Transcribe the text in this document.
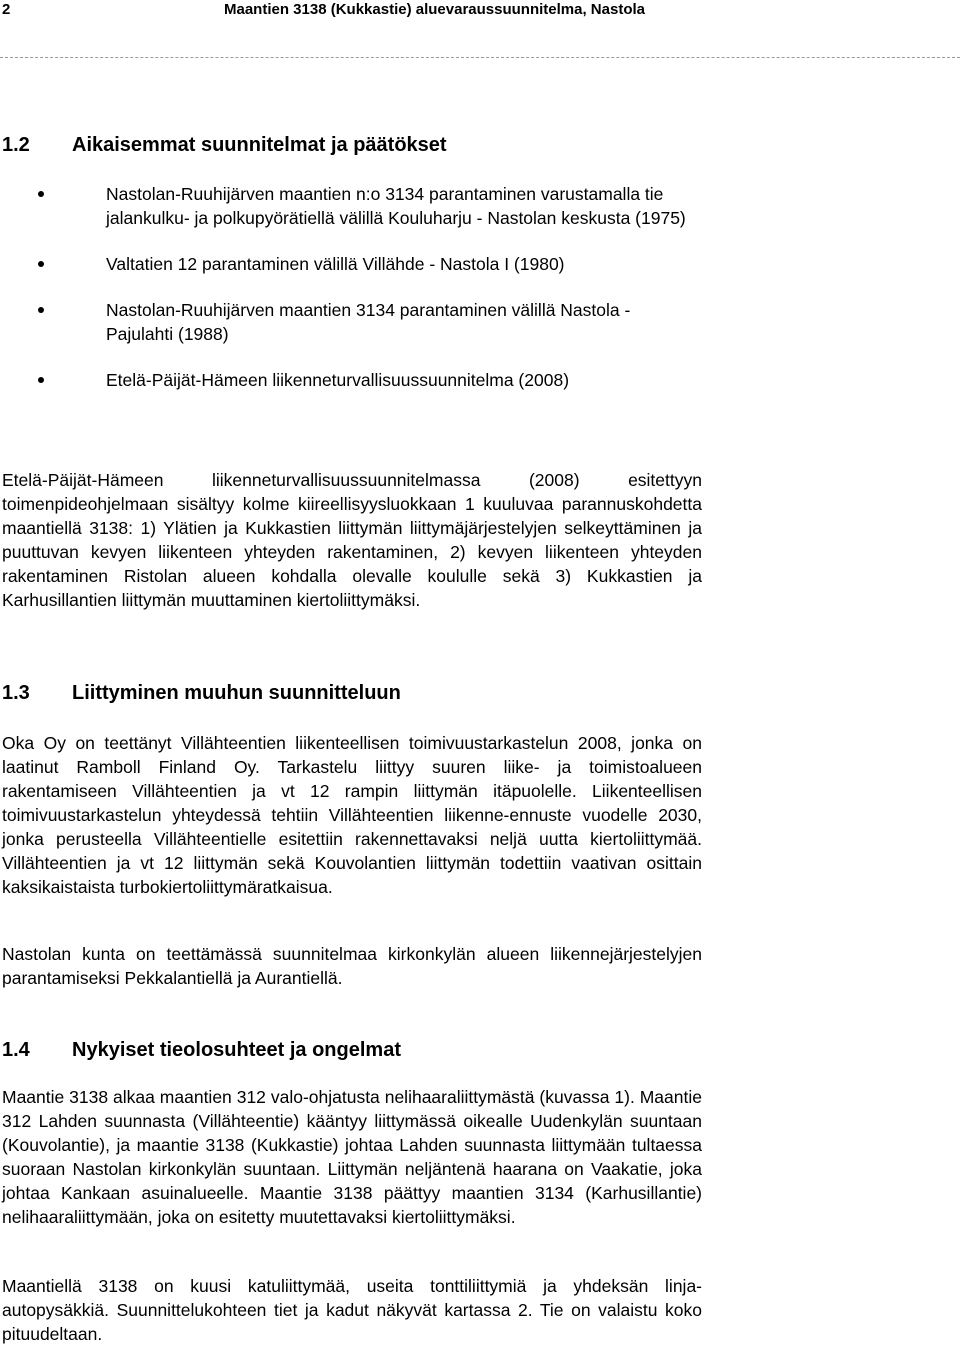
2	Maantien 3138 (Kukkastie) aluevaraussuunnitelma, Nastola
1.2 Aikaisemmat suunnitelmat ja päätökset
Nastolan-Ruuhijärven maantien n:o 3134 parantaminen varustamalla tie jalankulku- ja polkupyörätiellä välillä Kouluharju - Nastolan keskusta (1975)
Valtatien 12 parantaminen välillä Villähde - Nastola I (1980)
Nastolan-Ruuhijärven maantien 3134 parantaminen välillä Nastola - Pajulahti (1988)
Etelä-Päijät-Hämeen liikenneturvallisuussuunnitelma (2008)

Etelä-Päijät-Hämeen liikenneturvallisuussuunnitelmassa (2008) esitettyyn toimenpideohjelmaan sisältyy kolme kiireellisyysluokkaan 1 kuuluvaa parannuskohdetta maantiellä 3138: 1) Ylätien ja Kukkastien liittymän liittymäjärjestelyjen selkeyttäminen ja puuttuvan kevyen liikenteen yhteyden rakentaminen, 2) kevyen liikenteen yhteyden rakentaminen Ristolan alueen kohdalla olevalle koululle sekä 3) Kukkastien ja Karhusillantien liittymän muuttaminen kiertoliittymäksi.

1.3 Liittyminen muuhun suunnitteluun

Oka Oy on teettänyt Villähteentien liikenteellisen toimivuustarkastelun 2008, jonka on laatinut Ramboll Finland Oy. Tarkastelu liittyy suuren liike- ja toimistoalueen rakentamiseen Villähteentien ja vt 12 rampin liittymän itäpuolelle. Liikenteellisen toimivuustarkastelun yhteydessä tehtiin Villähteentien liikenne-ennuste vuodelle 2030, jonka perusteella Villähteentielle esitettiin rakennettavaksi neljä uutta kiertoliittymää. Villähteentien ja vt 12 liittymän sekä Kouvolantien liittymän todettiin vaativan osittain kaksikaistaista turbokiertoliittymäratkaisua.

Nastolan kunta on teettämässä suunnitelmaa kirkonkylän alueen liikennejärjestelyjen parantamiseksi Pekkalantiellä ja Aurantiellä.

1.4 Nykyiset tieolosuhteet ja ongelmat

Maantie 3138 alkaa maantien 312 valo-ohjatusta nelihaaraliittymästä (kuvassa 1). Maantie 312 Lahden suunnasta (Villähteentie) kääntyy liittymässä oikealle Uudenkylän suuntaan (Kouvolantie), ja maantie 3138 (Kukkastie) johtaa Lahden suunnasta liittymään tultaessa suoraan Nastolan kirkonkylän suuntaan. Liittymän neljäntenä haarana on Vaakatie, joka johtaa Kankaan asuinalueelle. Maantie 3138 päättyy maantien 3134 (Karhusillantie) nelihaaraliittymään, joka on esitetty muutettavaksi kiertoliittymäksi.

Maantiellä 3138 on kuusi katuliittymää, useita tonttiliittymiä ja yhdeksän linja-autopysäkkiä. Suunnittelukohteen tiet ja kadut näkyvät kartassa 2. Tie on valaistu koko pituudeltaan.
